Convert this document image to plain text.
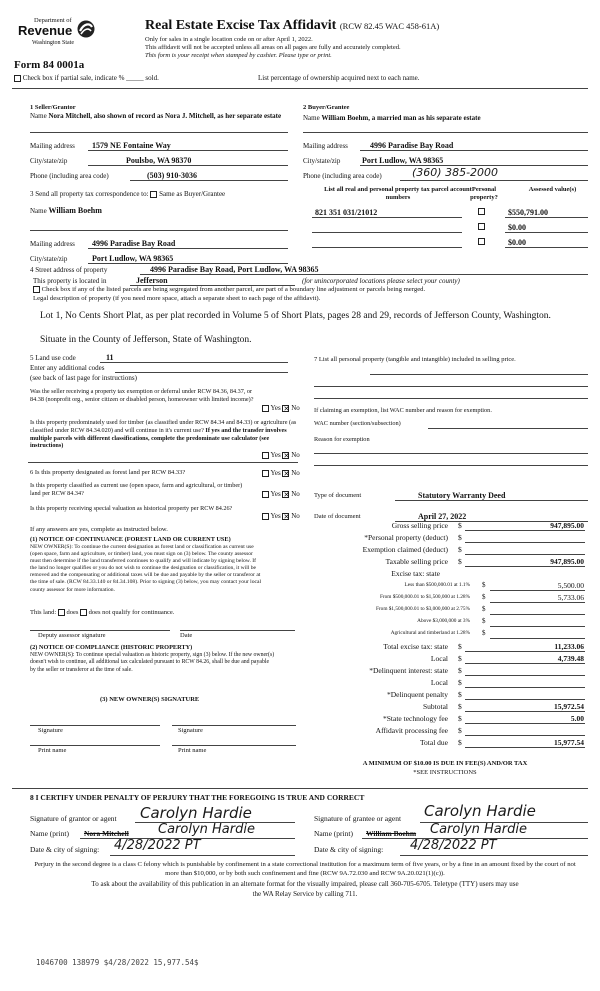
Department of
Revenue
Washington State
Form 84 0001a
Check box if partial sale, indicate % _____ sold.
Real Estate Excise Tax Affidavit (RCW 82.45 WAC 458-61A)
Only for sales in a single location code on or after April 1, 2022.
This affidavit will not be accepted unless all areas on all pages are fully and accurately completed.
This form is your receipt when stamped by cashier. Please type or print.
List percentage of ownership acquired next to each name.
1 Seller/Grantor
Name Nora Mitchell, also shown of record as Nora J. Mitchell, as her separate estate
Mailing address 1579 NE Fontaine Way
City/state/zip	Poulsbo, WA 98370
Phone (including area code)	(503) 910-3036
2 Buyer/Grantee
Name William Boehm, a married man as his separate estate
Mailing address	4996 Paradise Bay Road
City/state/zip	Port Ludlow, WA 98365
Phone (including area code)	(360) 385-2000
3 Send all property tax correspondence to: Same as Buyer/Grantee
Name William Boehm
Mailing address 4996 Paradise Bay Road
City/state/zip	Port Ludlow, WA 98365
List all real and personal property tax parcel account numbers
Personal property?
Assessed value(s)
821 351 031/21012	$550,791.00
$0.00
$0.00
4 Street address of property	4996 Paradise Bay Road, Port Ludlow, WA 98365
This property is located in	Jefferson	(for unincorporated locations please select your county)
Check box if any of the listed parcels are being segregated from another parcel, are part of a boundary line adjustment or parcels being merged.
Legal description of property (if you need more space, attach a separate sheet to each page of the affidavit).
Lot 1, No Cents Short Plat, as per plat recorded in Volume 5 of Short Plats, pages 28 and 29, records of Jefferson County, Washington.
Situate in the County of Jefferson, State of Washington.
5 Land use code	11
Enter any additional codes
(see back of last page for instructions)
Was the seller receiving a property tax exemption or deferral under RCW 84.36, 84.37, or 84.38 (nonprofit org., senior citizen or disabled person, homeowner with limited income)?
Yes ✕ No
Is this property predominately used for timber (as classified under RCW 84.34 and 84.33) or agriculture (as classified under RCW 84.34.020) and will continue in it's current use? If yes and the transfer involves multiple parcels with different classifications, complete the predominate use calculator (see instructions)
Yes ✕ No
6 Is this property designated as forest land per RCW 84.33?	Yes ✕ No
Is this property classified as current use (open space, farm and agricultural, or timber) land per RCW 84.34?	Yes ✕ No
Is this property receiving special valuation as historical property per RCW 84.26?
Yes ✕ No
If any answers are yes, complete as instructed below.
(1) NOTICE OF CONTINUANCE (FOREST LAND OR CURRENT USE)
NEW OWNER(S): To continue the current designation as forest land or classification as current use (open space, farm and agriculture, or timber) land, you must sign on (3) below. The county assessor must then determine if the land transferred continues to qualify and will indicate by signing below. If the land no longer qualifies or you do not wish to continue the designation or classification, it will be removed and the compensating or additional taxes will be due and payable by the seller or transferor at the time of sale. (RCW 84.33.140 or 84.34.108). Prior to signing (3) below, you may contact your local county assessor for more information.
This land: does does not qualify for continuance.
Deputy assessor signature	Date
(2) NOTICE OF COMPLIANCE (HISTORIC PROPERTY)
NEW OWNER(S): To continue special valuation as historic property, sign (3) below. If the new owner(s) doesn't wish to continue, all additional tax calculated pursuant to RCW 84.26, shall be due and payable by the seller or transferor at the time of sale.
(3) NEW OWNER(S) SIGNATURE
Signature	Signature
Print name	Print name
7 List all personal property (tangible and intangible) included in selling price.
If claiming an exemption, list WAC number and reason for exemption.
WAC number (section/subsection)
Reason for exemption
Type of document	Statutory Warranty Deed
Date of document	April 27, 2022
Gross selling price $	947,895.00
*Personal property (deduct) $
Exemption claimed (deduct) $
Taxable selling price $	947,895.00
Excise tax: state
Less than $500,000.01 at 1.1% $	5,500.00
From $500,000.01 to $1,500,000 at 1.28% $	5,733.06
From $1,500,000.01 to $3,000,000 at 2.75% $
Above $3,000,000 at 3% $
Agricultural and timberland at 1.28% $
Total excise tax: state $	11,233.06
Local $	4,739.48
*Delinquent interest: state $
Local $
*Delinquent penalty $
Subtotal $	15,972.54
*State technology fee $	5.00
Affidavit processing fee $
Total due $	15,977.54
A MINIMUM OF $10.00 IS DUE IN FEE(S) AND/OR TAX
*SEE INSTRUCTIONS
8 I CERTIFY UNDER PENALTY OF PERJURY THAT THE FOREGOING IS TRUE AND CORRECT
Signature of grantor or agent Carolyn Hardie
Name (print) Nora Mitchell Carolyn Hardie
Date & city of signing: 4/28/2022 PT
Signature of grantee or agent Carolyn Hardie
Name (print) William Boehm Carolyn Hardie
Date & city of signing: 4/28/2022 PT
Perjury in the second degree is a class C felony which is punishable by confinement in a state correctional institution for a maximum term of five years, or by a fine in an amount fixed by the court of not more than $10,000, or by both such confinement and fine (RCW 9A.72.030 and RCW 9A.20.021(1)(c)).
To ask about the availability of this publication in an alternate format for the visually impaired, please call 360-705-6705. Teletype (TTY) users may use the WA Relay Service by calling 711.
1046700 138979 $4/28/2022 15,977.54$
